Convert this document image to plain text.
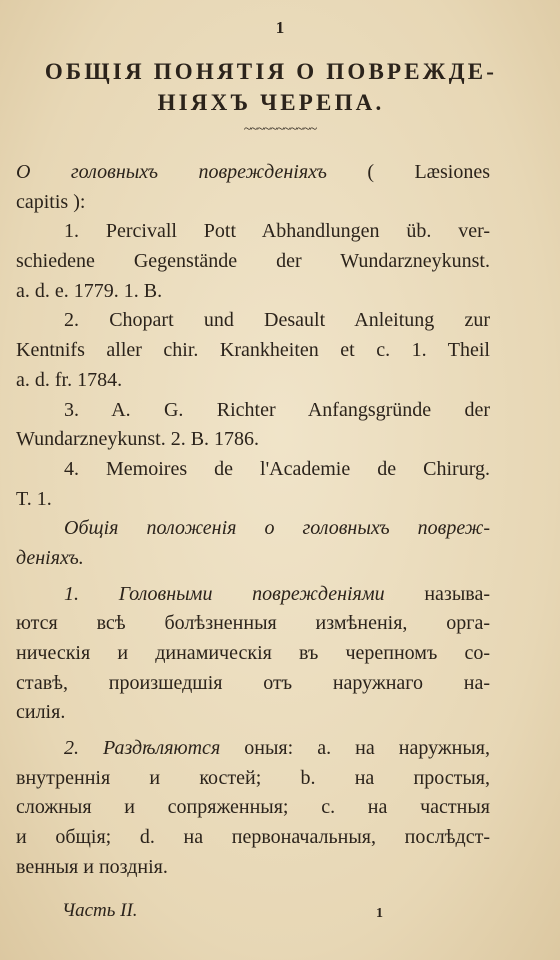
1
ОБЩІЯ ПОНЯТІЯ О ПОВРЕЖДЕ-
НІЯХЪ ЧЕРЕПА.
~~~~~~~~~~~
О головныхъ поврежденіяхъ ( Læsiones
capitis ):
1. Percivall Pott Abhandlungen üb. ver-
schiedene Gegenstände der Wundarzneykunst.
a. d. e. 1779. 1. B.
2. Chopart und Desault Anleitung zur
Kentnifs aller chir. Krankheiten et c. 1. Theil
a. d. fr. 1784.
3. A. G. Richter Anfangsgründe der
Wundarzneykunst. 2. B. 1786.
4. Memoires de l'Academie de Chirurg.
T. 1.
Общія положенія о головныхъ повреж-
деніяхъ.
1. Головными поврежденіями называ-
ются всѣ болѣзненныя измѣненія, орга-
ническія и динамическія въ черепномъ со-
ставѣ, произшедшія отъ наружнаго на-
силія.
2. Раздѣляются оныя: a. на наружныя,
внутреннія и костей; b. на простыя,
сложныя и сопряженныя; c. на частныя
и общія; d. на первоначальныя, послѣдст-
венныя и позднія.
Часть II.	1
